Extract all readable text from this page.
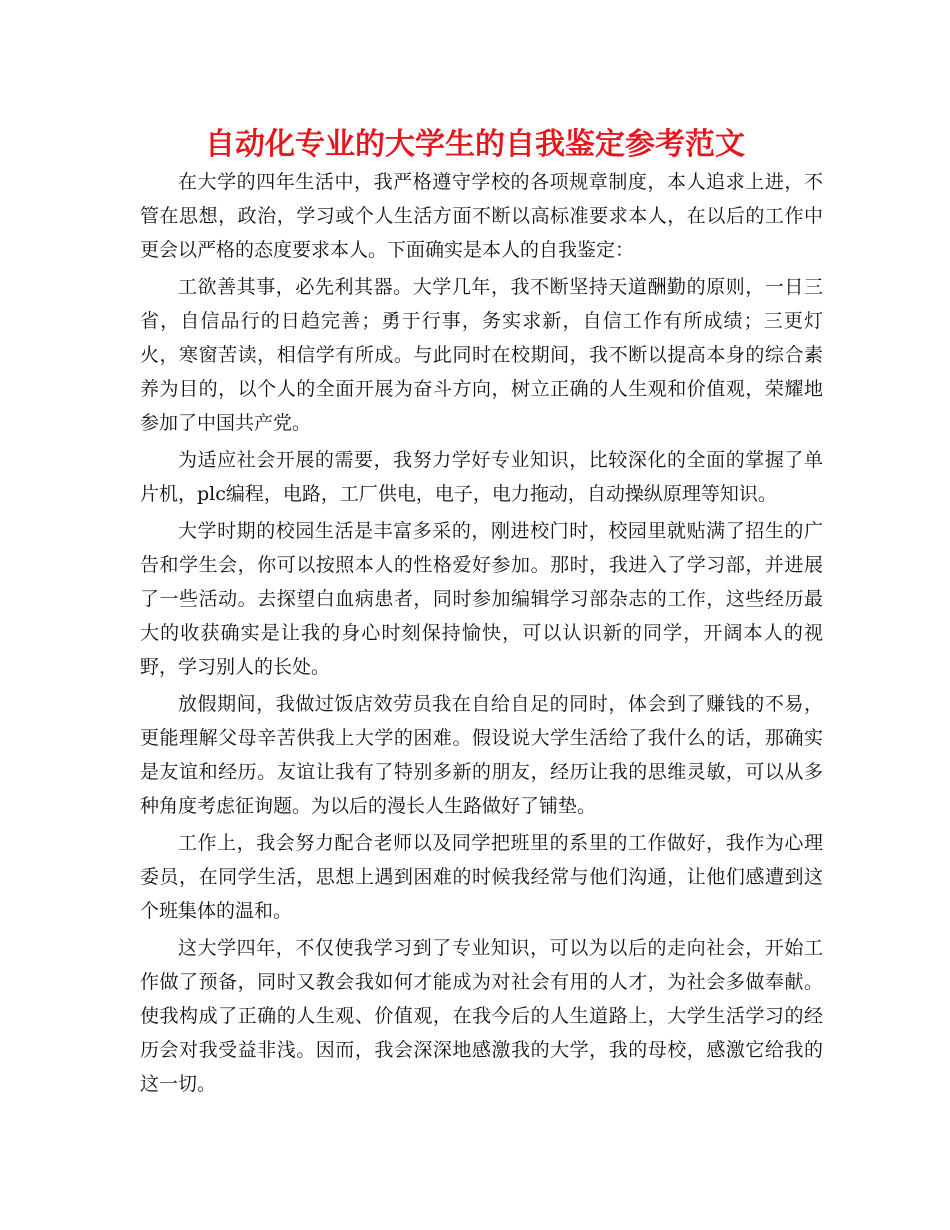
自动化专业的大学生的自我鉴定参考范文

在大学的四年生活中，我严格遵守学校的各项规章制度，本人追求上进，不管在思想，政治，学习或个人生活方面不断以高标准要求本人，在以后的工作中更会以严格的态度要求本人。下面确实是本人的自我鉴定：

工欲善其事，必先利其器。大学几年，我不断坚持天道酬勤的原则，一日三省，自信品行的日趋完善；勇于行事，务实求新，自信工作有所成绩；三更灯火，寒窗苦读，相信学有所成。与此同时在校期间，我不断以提高本身的综合素养为目的，以个人的全面开展为奋斗方向，树立正确的人生观和价值观，荣耀地参加了中国共产党。

为适应社会开展的需要，我努力学好专业知识，比较深化的全面的掌握了单片机，plc编程，电路，工厂供电，电子，电力拖动，自动操纵原理等知识。

大学时期的校园生活是丰富多采的，刚进校门时，校园里就贴满了招生的广告和学生会，你可以按照本人的性格爱好参加。那时，我进入了学习部，并进展了一些活动。去探望白血病患者，同时参加编辑学习部杂志的工作，这些经历最大的收获确实是让我的身心时刻保持愉快，可以认识新的同学，开阔本人的视野，学习别人的长处。

放假期间，我做过饭店效劳员我在自给自足的同时，体会到了赚钱的不易，更能理解父母辛苦供我上大学的困难。假设说大学生活给了我什么的话，那确实是友谊和经历。友谊让我有了特别多新的朋友，经历让我的思维灵敏，可以从多种角度考虑征询题。为以后的漫长人生路做好了铺垫。

工作上，我会努力配合老师以及同学把班里的系里的工作做好，我作为心理委员，在同学生活，思想上遇到困难的时候我经常与他们沟通，让他们感遭到这个班集体的温和。

这大学四年，不仅使我学习到了专业知识，可以为以后的走向社会，开始工作做了预备，同时又教会我如何才能成为对社会有用的人才，为社会多做奉献。使我构成了正确的人生观、价值观，在我今后的人生道路上，大学生活学习的经历会对我受益非浅。因而，我会深深地感激我的大学，我的母校，感激它给我的这一切。
